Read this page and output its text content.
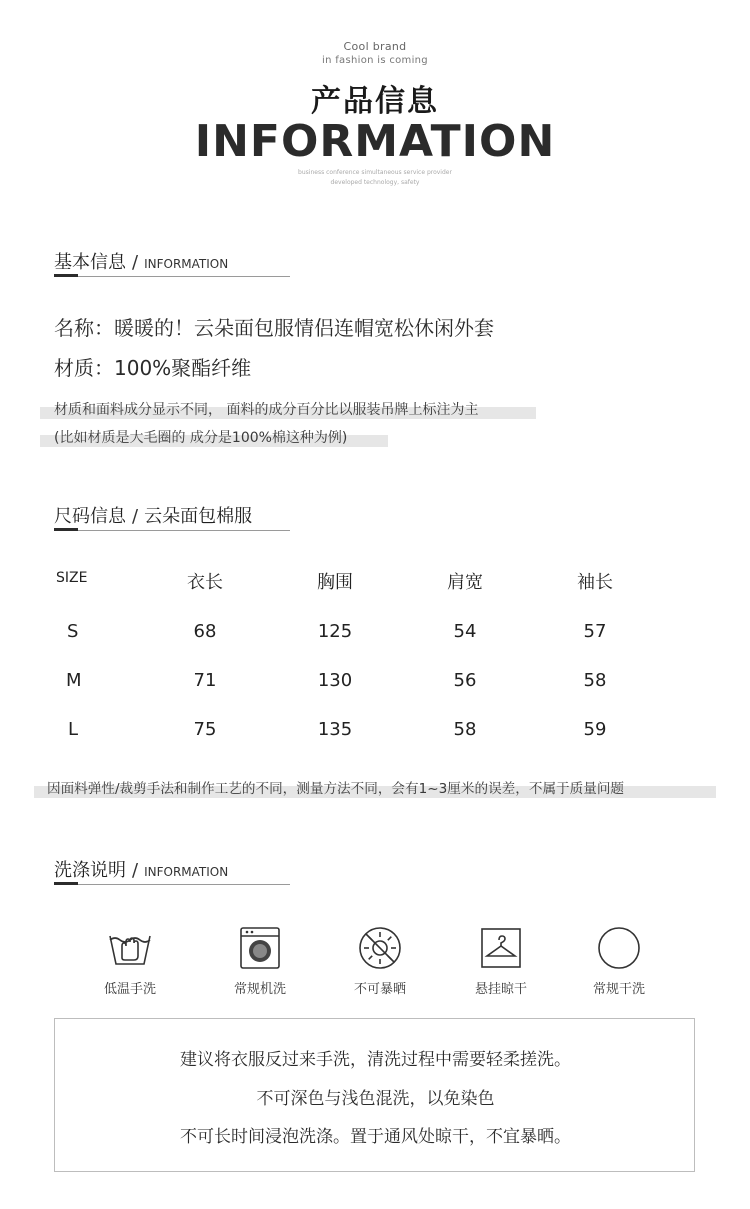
Cool brand
in fashion is coming
产品信息
INFORMATION
business conference simultaneous service provider
developed technology, safety
基本信息 / INFORMATION
名称：暖暖的！云朵面包服情侣连帽宽松休闲外套
材质：100%聚酯纤维
材质和面料成分显示不同， 面料的成分百分比以服装吊牌上标注为主
(比如材质是大毛圈的 成分是100%棉这种为例)
尺码信息 / 云朵面包棉服
SIZE	衣长	胸围	肩宽	袖长
S	68	125	54	57
M	71	130	56	58
L	75	135	58	59
因面料弹性/裁剪手法和制作工艺的不同，测量方法不同，会有1~3厘米的误差，不属于质量问题
洗涤说明 / INFORMATION
低温手洗	常规机洗	不可暴晒	悬挂晾干	常规干洗
建议将衣服反过来手洗，清洗过程中需要轻柔搓洗。
不可深色与浅色混洗，以免染色
不可长时间浸泡洗涤。置于通风处晾干，不宜暴晒。
